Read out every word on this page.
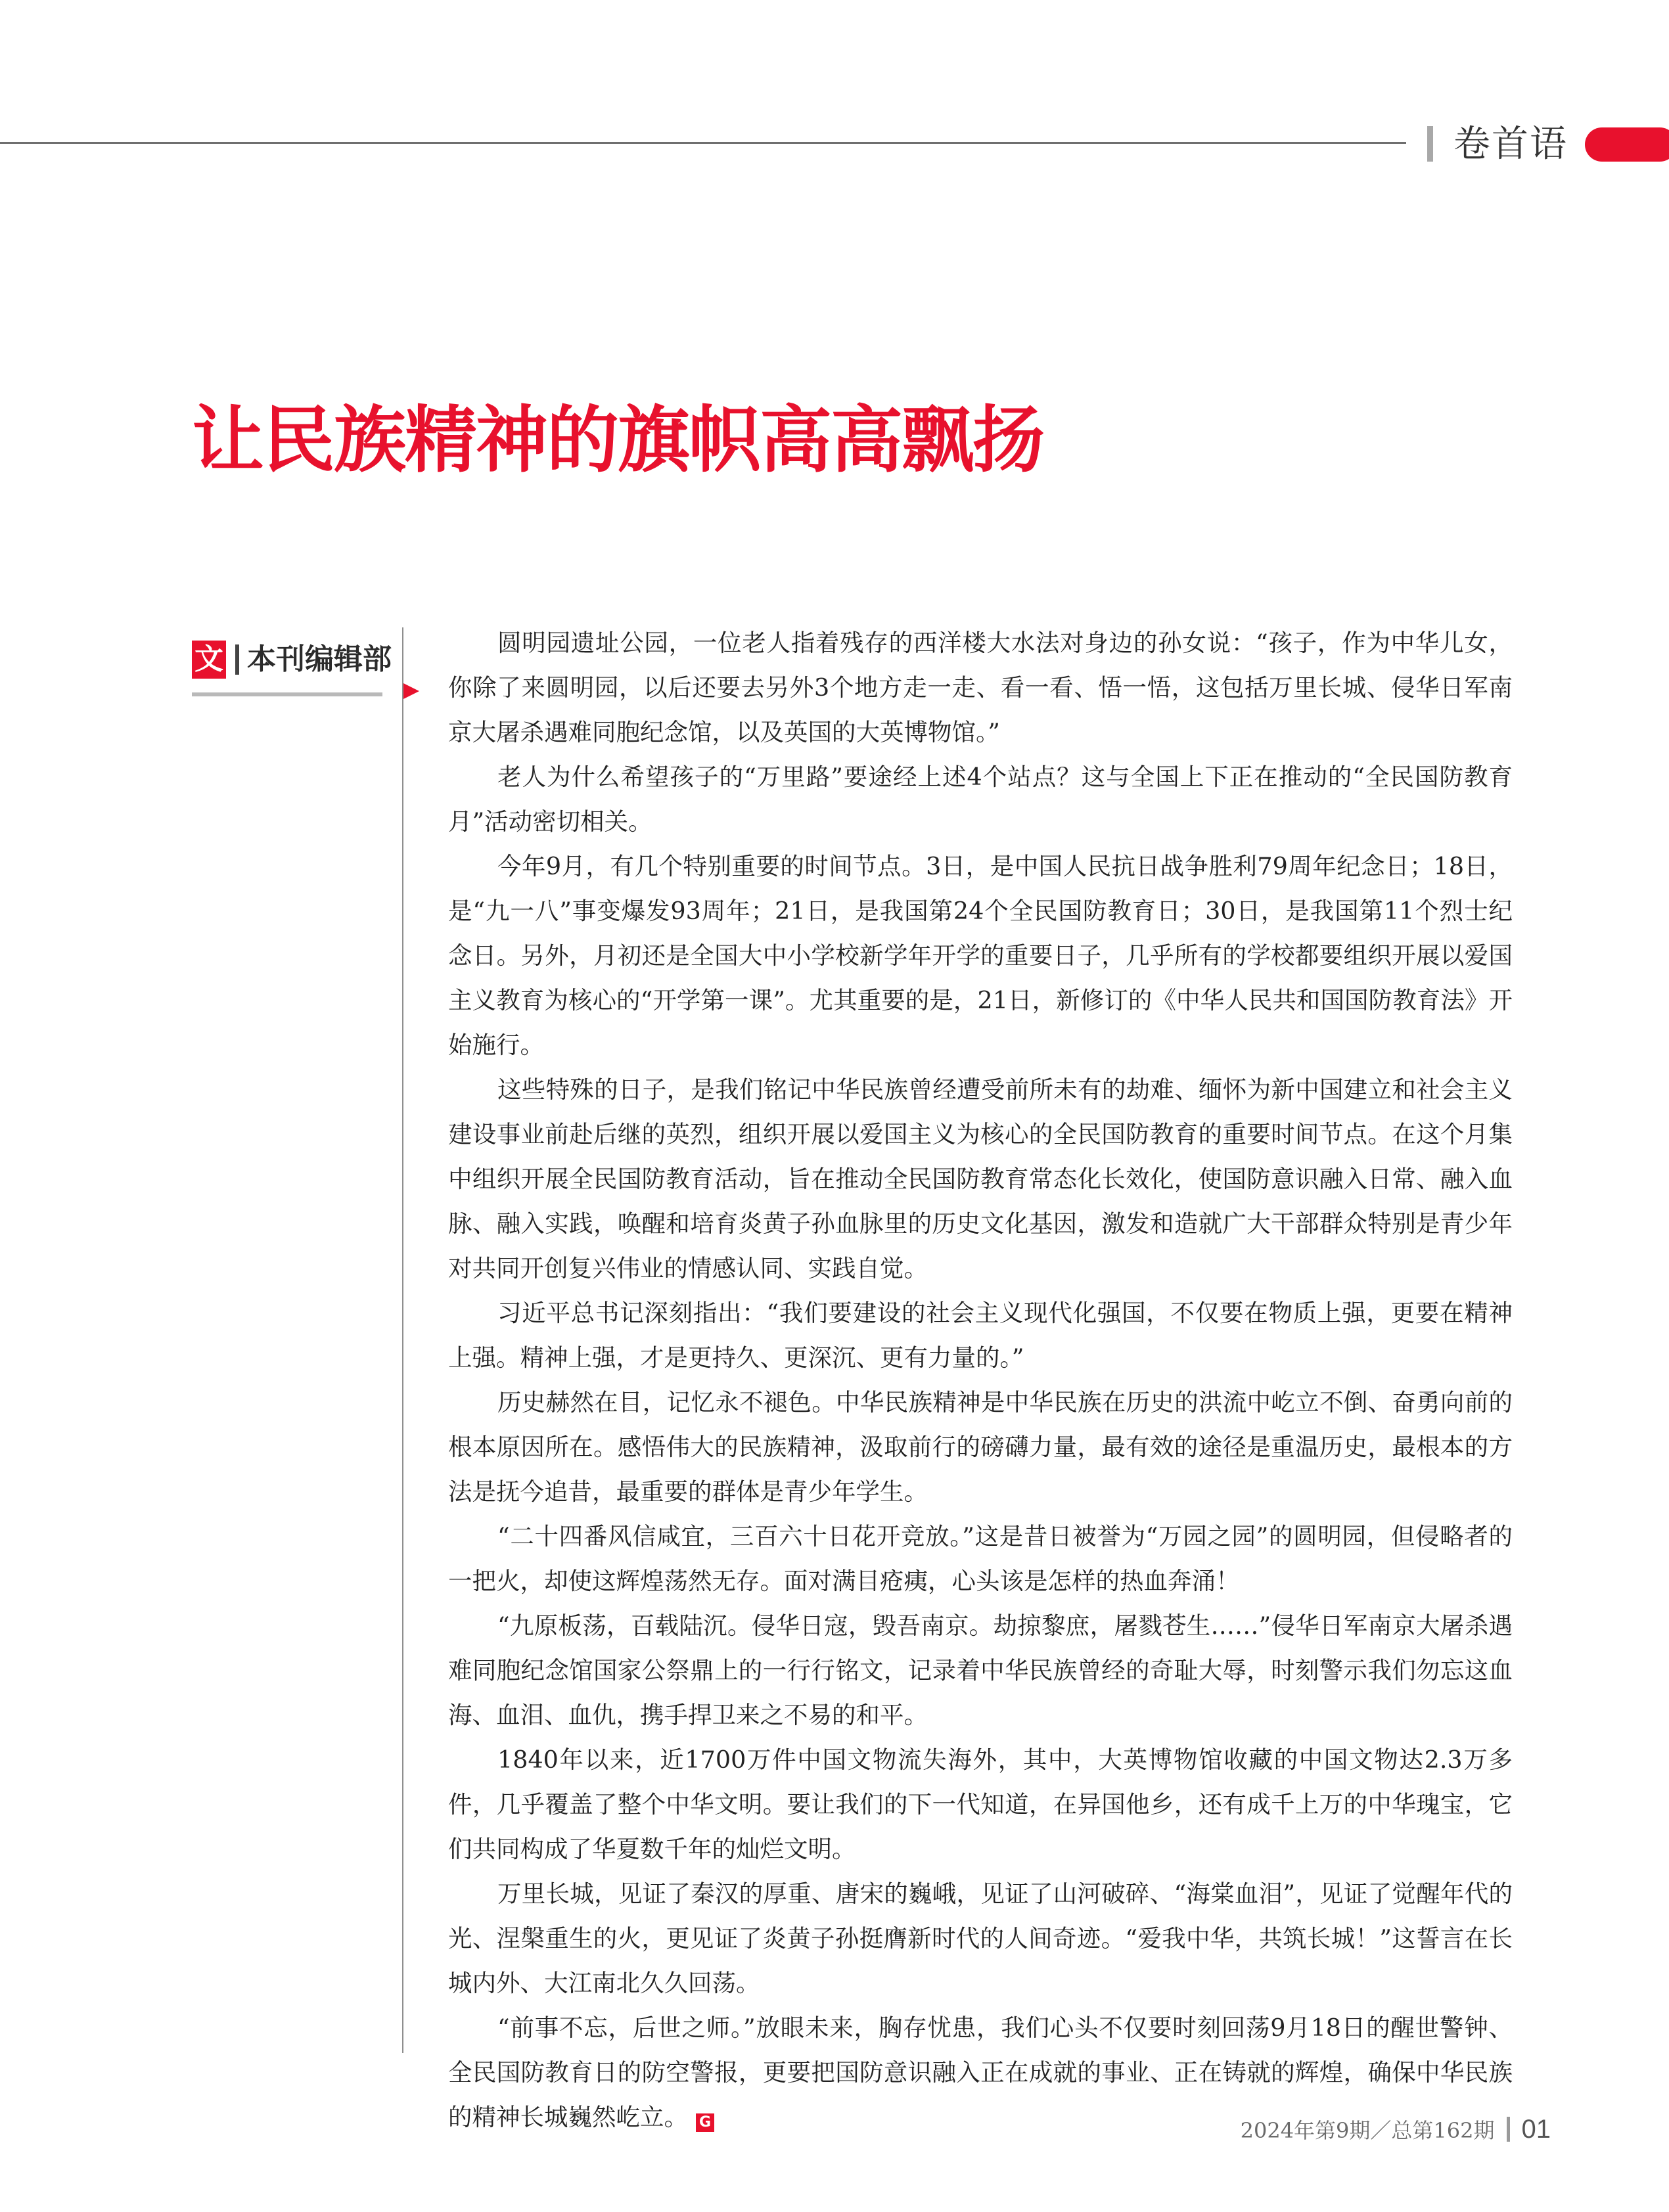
卷首语
让民族精神的旗帜高高飘扬
文 本刊编辑部	圆明园遗址公园，一位老人指着残存的西洋楼大水法对身边的孙女说：“孩子，作为中华儿女，你除了来圆明园，以后还要去另外3个地方走一走、看一看、悟一悟，这包括万里长城、侵华日军南京大屠杀遇难同胞纪念馆，以及英国的大英博物馆。”

老人为什么希望孩子的“万里路”要途经上述4个站点？这与全国上下正在推动的“全民国防教育月”活动密切相关。

今年9月，有几个特别重要的时间节点。3日，是中国人民抗日战争胜利79周年纪念日；18日，是“九一八”事变爆发93周年；21日，是我国第24个全民国防教育日；30日，是我国第11个烈士纪念日。另外，月初还是全国大中小学校新学年开学的重要日子，几乎所有的学校都要组织开展以爱国主义教育为核心的“开学第一课”。尤其重要的是，21日，新修订的《中华人民共和国国防教育法》开始施行。

这些特殊的日子，是我们铭记中华民族曾经遭受前所未有的劫难、缅怀为新中国建立和社会主义建设事业前赴后继的英烈，组织开展以爱国主义为核心的全民国防教育的重要时间节点。在这个月集中组织开展全民国防教育活动，旨在推动全民国防教育常态化长效化，使国防意识融入日常、融入血脉、融入实践，唤醒和培育炎黄子孙血脉里的历史文化基因，激发和造就广大干部群众特别是青少年对共同开创复兴伟业的情感认同、实践自觉。

习近平总书记深刻指出：“我们要建设的社会主义现代化强国，不仅要在物质上强，更要在精神上强。精神上强，才是更持久、更深沉、更有力量的。”

历史赫然在目，记忆永不褪色。中华民族精神是中华民族在历史的洪流中屹立不倒、奋勇向前的根本原因所在。感悟伟大的民族精神，汲取前行的磅礴力量，最有效的途径是重温历史，最根本的方法是抚今追昔，最重要的群体是青少年学生。

“二十四番风信咸宜，三百六十日花开竞放。”这是昔日被誉为“万园之园”的圆明园，但侵略者的一把火，却使这辉煌荡然无存。面对满目疮痍，心头该是怎样的热血奔涌！

“九原板荡，百载陆沉。侵华日寇，毁吾南京。劫掠黎庶，屠戮苍生……”侵华日军南京大屠杀遇难同胞纪念馆国家公祭鼎上的一行行铭文，记录着中华民族曾经的奇耻大辱，时刻警示我们勿忘这血海、血泪、血仇，携手捍卫来之不易的和平。

1840年以来，近1700万件中国文物流失海外，其中，大英博物馆收藏的中国文物达2.3万多件，几乎覆盖了整个中华文明。要让我们的下一代知道，在异国他乡，还有成千上万的中华瑰宝，它们共同构成了华夏数千年的灿烂文明。

万里长城，见证了秦汉的厚重、唐宋的巍峨，见证了山河破碎、“海棠血泪”，见证了觉醒年代的光、涅槃重生的火，更见证了炎黄子孙挺膺新时代的人间奇迹。“爱我中华，共筑长城！”这誓言在长城内外、大江南北久久回荡。

“前事不忘，后世之师。”放眼未来，胸存忧患，我们心头不仅要时刻回荡9月18日的醒世警钟、全民国防教育日的防空警报，更要把国防意识融入正在成就的事业、正在铸就的辉煌，确保中华民族的精神长城巍然屹立。 G	2024年第9期／总第162期 01
